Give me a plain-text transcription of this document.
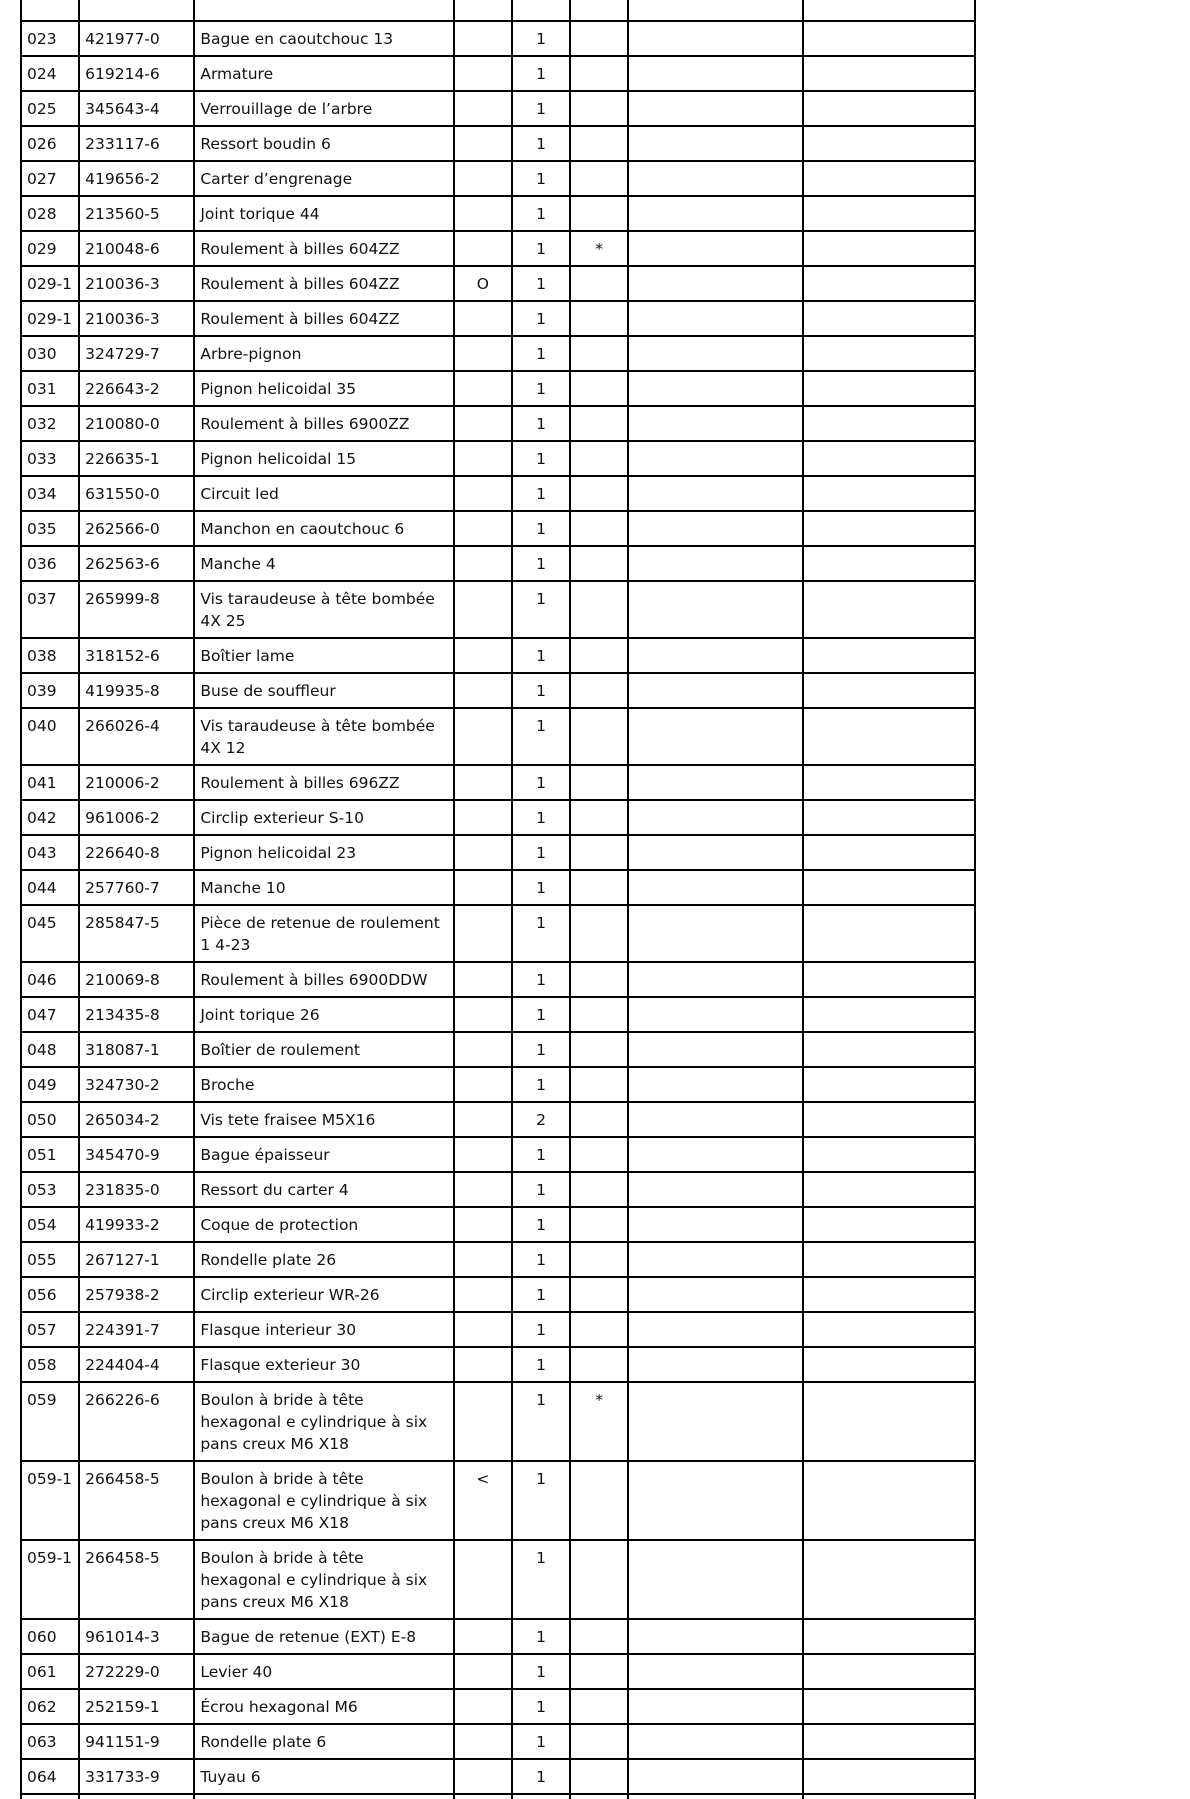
023	421977-0	Bague en caoutchouc 13		1			
024	619214-6	Armature		1			
025	345643-4	Verrouillage de l’arbre		1			
026	233117-6	Ressort boudin 6		1			
027	419656-2	Carter d’engrenage		1			
028	213560-5	Joint torique 44		1			
029	210048-6	Roulement à billes 604ZZ		1	*		
029-1	210036-3	Roulement à billes 604ZZ	O	1			
029-1	210036-3	Roulement à billes 604ZZ		1			
030	324729-7	Arbre-pignon		1			
031	226643-2	Pignon helicoidal 35		1			
032	210080-0	Roulement à billes 6900ZZ		1			
033	226635-1	Pignon helicoidal 15		1			
034	631550-0	Circuit led		1			
035	262566-0	Manchon en caoutchouc 6		1			
036	262563-6	Manche 4		1			
037	265999-8	Vis taraudeuse à tête bombée 4X 25		1			
038	318152-6	Boîtier lame		1			
039	419935-8	Buse de souffleur		1			
040	266026-4	Vis taraudeuse à tête bombée 4X 12		1			
041	210006-2	Roulement à billes 696ZZ		1			
042	961006-2	Circlip exterieur S-10		1			
043	226640-8	Pignon helicoidal 23		1			
044	257760-7	Manche 10		1			
045	285847-5	Pièce de retenue de roulement 1 4-23		1			
046	210069-8	Roulement à billes 6900DDW		1			
047	213435-8	Joint torique 26		1			
048	318087-1	Boîtier de roulement		1			
049	324730-2	Broche		1			
050	265034-2	Vis tete fraisee M5X16		2			
051	345470-9	Bague épaisseur		1			
053	231835-0	Ressort du carter 4		1			
054	419933-2	Coque de protection		1			
055	267127-1	Rondelle plate 26		1			
056	257938-2	Circlip exterieur WR-26		1			
057	224391-7	Flasque interieur 30		1			
058	224404-4	Flasque exterieur 30		1			
059	266226-6	Boulon à bride à tête hexagonal e cylindrique à six pans creux M6 X18		1	*		
059-1	266458-5	Boulon à bride à tête hexagonal e cylindrique à six pans creux M6 X18	<	1			
059-1	266458-5	Boulon à bride à tête hexagonal e cylindrique à six pans creux M6 X18		1			
060	961014-3	Bague de retenue (EXT) E-8		1			
061	272229-0	Levier 40		1			
062	252159-1	Écrou hexagonal M6		1			
063	941151-9	Rondelle plate 6		1			
064	331733-9	Tuyau 6		1			
